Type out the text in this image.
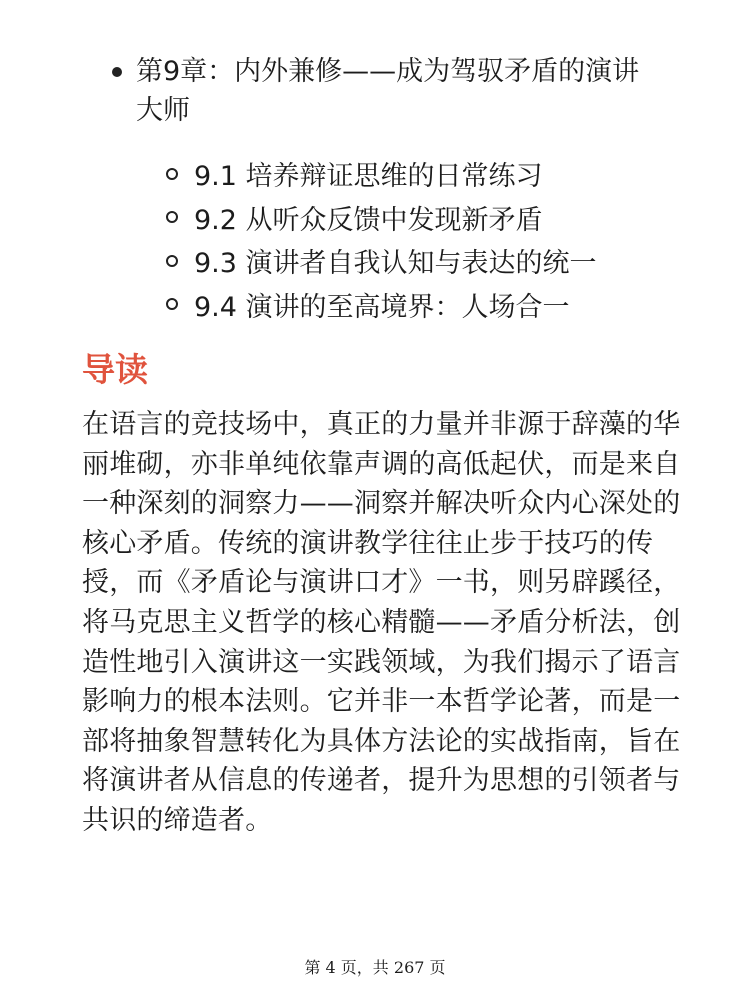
第9章：内外兼修——成为驾驭矛盾的演讲大师
9.1 培养辩证思维的日常练习
9.2 从听众反馈中发现新矛盾
9.3 演讲者自我认知与表达的统一
9.4 演讲的至高境界：人场合一
导读

在语言的竞技场中，真正的力量并非源于辞藻的华丽堆砌，亦非单纯依靠声调的高低起伏，而是来自一种深刻的洞察力——洞察并解决听众内心深处的核心矛盾。传统的演讲教学往往止步于技巧的传授，而《矛盾论与演讲口才》一书，则另辟蹊径，将马克思主义哲学的核心精髓——矛盾分析法，创造性地引入演讲这一实践领域，为我们揭示了语言影响力的根本法则。它并非一本哲学论著，而是一部将抽象智慧转化为具体方法论的实战指南，旨在将演讲者从信息的传递者，提升为思想的引领者与共识的缔造者。

第 4 页，共 267 页
